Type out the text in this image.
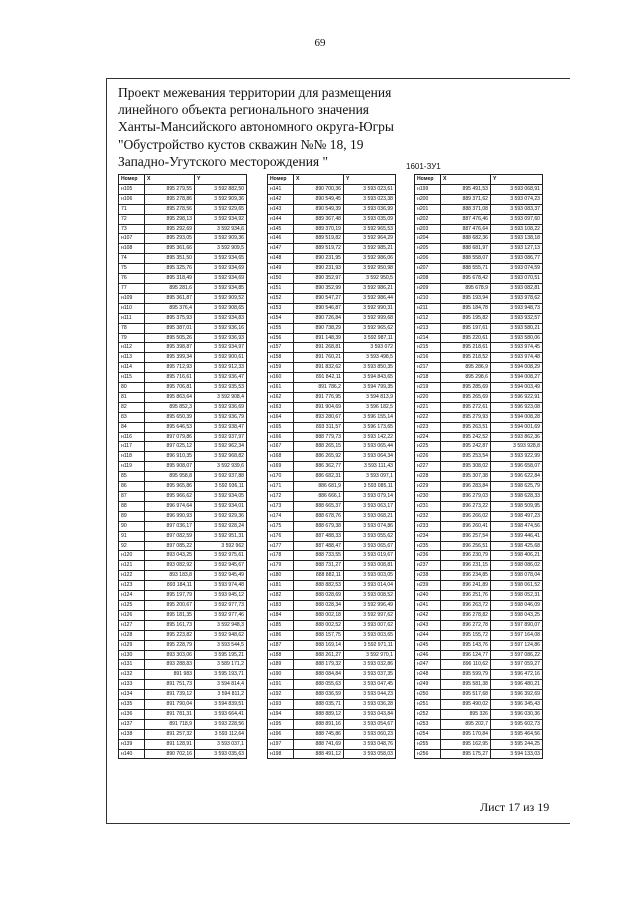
69
Проект межевания территории для размещения
линейного объекта регионального значения
Ханты-Мансийского автономного округа-Югры
"Обустройство кустов скважин №№ 18, 19
Западно-Угутского месторождения "	1601-ЗУ1
Номер	X	Y
н105	895 279,55	3 592 882,50
н106	895 278,86	3 592 909,36
71	895 278,56	3 592 929,65
72	895 298,13	3 592 934,92
73	895 292,69	3 592 934,6
н107	895 293,05	3 592 909,36
н108	895 361,66	3 592 909,5
74	895 351,50	3 592 934,65
75	895 325,76	3 592 934,69
76	895 318,49	3 592 934,69
77	895 281,6	3 592 934,85
н109	895 361,87	3 592 909,52
н110	895 376,4	3 592 908,65
н111	895 375,93	3 592 934,83
78	895 387,01	3 592 936,16
79	895 505,26	3 592 936,93
н112	895 398,87	3 592 934,97
н113	895 399,34	3 592 900,61
н114	895 712,93	3 592 912,33
н115	895 716,61	3 592 936,47
80	895 706,81	3 592 935,53
81	895 863,64	3 592 908,4
82	895 852,3	3 592 936,69
83	895 650,39	3 592 936,79
84	895 646,53	3 592 938,47
н116	897 079,86	3 592 937,97
н117	897 025,12	3 592 962,34
н118	896 910,35	3 592 968,82
н119	895 908,07	3 592 939,6
85	895 958,8	3 592 937,88
86	895 965,86	3 592 936,11
87	895 966,62	3 592 934,05
88	896 974,64	3 592 934,01
89	896 990,93	3 592 929,36
90	897 036,17	3 592 928,24
91	897 082,59	3 592 951,31
92	897 085,22	3 592 962
н120	893 043,25	3 592 975,61
н121	893 082,92	3 592 945,67
н122	893 183,8	3 592 945,49
н123	893 184,11	3 593 974,48
н124	895 197,79	3 593 945,12
н125	895 200,67	3 592 977,73
н126	895 181,35	3 592 977,46
н127	895 161,73	3 592 948,3
н128	895 223,82	3 592 948,62
н129	895 228,79	3 593 544,5
н130	893 303,06	3 595 195,21
н131	893 288,83	3 589 171,2
н132	891 983	3 595 193,71
н133	891 751,73	3 594 814,4
н134	891 739,12	3 594 811,2
н135	891 790,04	3 594 839,51
н136	891 781,31	3 593 664,41
н137	891 718,9	3 593 228,56
н138	891 257,32	3 593 112,64
н139	891 128,91	3 593 037,1
н140	890 702,16	3 593 035,63
Номер	X	Y
н141	890 700,36	3 593 023,61
н142	890 549,45	3 593 023,38
н143	890 549,39	3 593 036,99
н144	889 367,48	3 593 035,09
н145	889 370,19	3 592 965,53
н146	889 519,82	3 592 964,29
н147	889 519,72	3 592 985,21
н148	890 231,95	3 592 986,06
н149	890 231,93	3 592 950,98
н150	890 352,97	3 592 950,5
н151	890 352,99	3 592 986,21
н152	890 547,27	3 592 986,44
н153	890 546,87	3 592 990,31
н154	890 726,84	3 592 999,68
н155	890 738,29	3 592 965,62
н156	891 148,39	3 592 987,11
н157	891 268,81	3 593 072
н158	891 760,21	3 593 498,5
н159	891 832,62	3 593 850,35
н160	891 842,11	3 594 843,65
н161	891 786,2	3 594 799,35
н162	891 776,95	3 594 813,9
н163	891 904,69	3 596 182,5
н164	893 280,67	3 596 155,14
н165	893 311,57	3 596 173,65
н166	888 779,73	3 593 142,22
н167	888 265,15	3 593 065,44
н168	886 265,92	3 593 064,34
н169	886 362,77	3 593 111,43
н170	886 682,31	3 593 097,1
н171	886 681,9	3 593 085,11
н172	886 666,1	3 593 079,14
н173	888 665,37	3 593 063,17
н174	888 678,76	3 593 068,21
н175	888 679,38	3 593 074,86
н176	887 488,33	3 593 055,62
н177	887 488,47	3 593 065,67
н178	888 733,55	3 593 019,67
н179	888 731,27	3 593 008,81
н180	888 882,11	3 593 003,05
н181	888 882,53	3 593 014,04
н182	888 028,69	3 593 008,52
н183	888 028,34	3 592 996,49
н184	888 002,18	3 592 997,62
н185	888 002,52	3 593 007,62
н186	888 157,75	3 593 003,65
н187	888 169,14	3 592 971,11
н188	888 261,27	3 592 970,1
н189	888 179,32	3 593 032,86
н190	888 084,84	3 593 037,35
н191	888 055,63	3 593 047,45
н192	888 036,59	3 593 044,23
н193	888 035,71	3 593 036,28
н194	888 889,12	3 593 043,84
н195	888 891,16	3 593 054,67
н196	888 745,86	3 593 060,23
н197	888 741,69	3 593 048,76
н198	888 491,12	3 593 058,03
Номер	X	Y
н199	895 491,53	3 593 068,91
н200	889 371,62	3 593 074,23
н201	888 371,08	3 593 083,37
н202	887 476,46	3 593 097,60
н203	887 476,64	3 593 108,22
н204	888 682,36	3 593 138,18
н205	888 681,97	3 593 127,13
н206	888 558,07	3 593 086,77
н207	888 555,71	3 593 074,59
н208	895 678,42	3 593 070,51
н209	895 678,9	3 593 082,81
н210	895 193,94	3 593 978,62
н211	895 184,78	3 593 948,73
н212	895 195,82	3 593 932,57
н213	895 197,61	3 593 580,21
н214	895 220,61	3 593 580,06
н215	895 218,61	3 593 974,45
н216	895 218,52	3 593 974,48
н217	895 286,9	3 594 008,29
н218	895 298,6	3 594 008,27
н219	895 285,69	3 594 003,49
н220	895 265,69	3 596 922,91
н221	895 272,61	3 596 923,08
н222	895 279,93	3 594 008,28
н223	895 263,51	3 594 001,69
н224	895 242,52	3 593 862,36
н225	895 242,87	3 593 928,8
н226	895 253,54	3 593 922,99
н227	895 308,02	3 596 658,07
н228	895 307,38	3 596 622,84
н229	896 283,84	3 598 625,79
н230	896 279,03	3 598 628,33
н231	896 273,22	3 598 509,95
н232	896 266,02	3 598 497,23
н233	896 260,41	3 598 474,56
н234	896 257,54	3 599 446,41
н235	896 256,51	3 598 425,68
н236	896 230,79	3 598 406,21
н237	896 231,15	3 598 086,02
н238	896 234,85	3 598 078,04
н239	896 241,89	3 598 061,52
н240	896 251,76	3 598 052,31
н241	896 263,72	3 598 046,09
н242	896 278,82	3 598 043,25
н243	896 272,78	3 597 890,07
н244	895 155,72	3 597 164,08
н245	895 143,76	3 597 124,86
н246	896 124,77	3 597 086,22
н247	896 110,62	3 597 059,27
н248	895 599,79	3 596 472,16
н249	895 581,38	3 596 480,21
н250	895 517,68	3 596 392,69
н251	895 490,02	3 596 345,43
н252	895 326	3 596 030,36
н253	895 202,7	3 595 602,73
н254	895 170,84	3 595 464,56
н255	895 162,95	3 595 244,25
н256	895 175,27	3 594 133,03
Лист 17 из 19
